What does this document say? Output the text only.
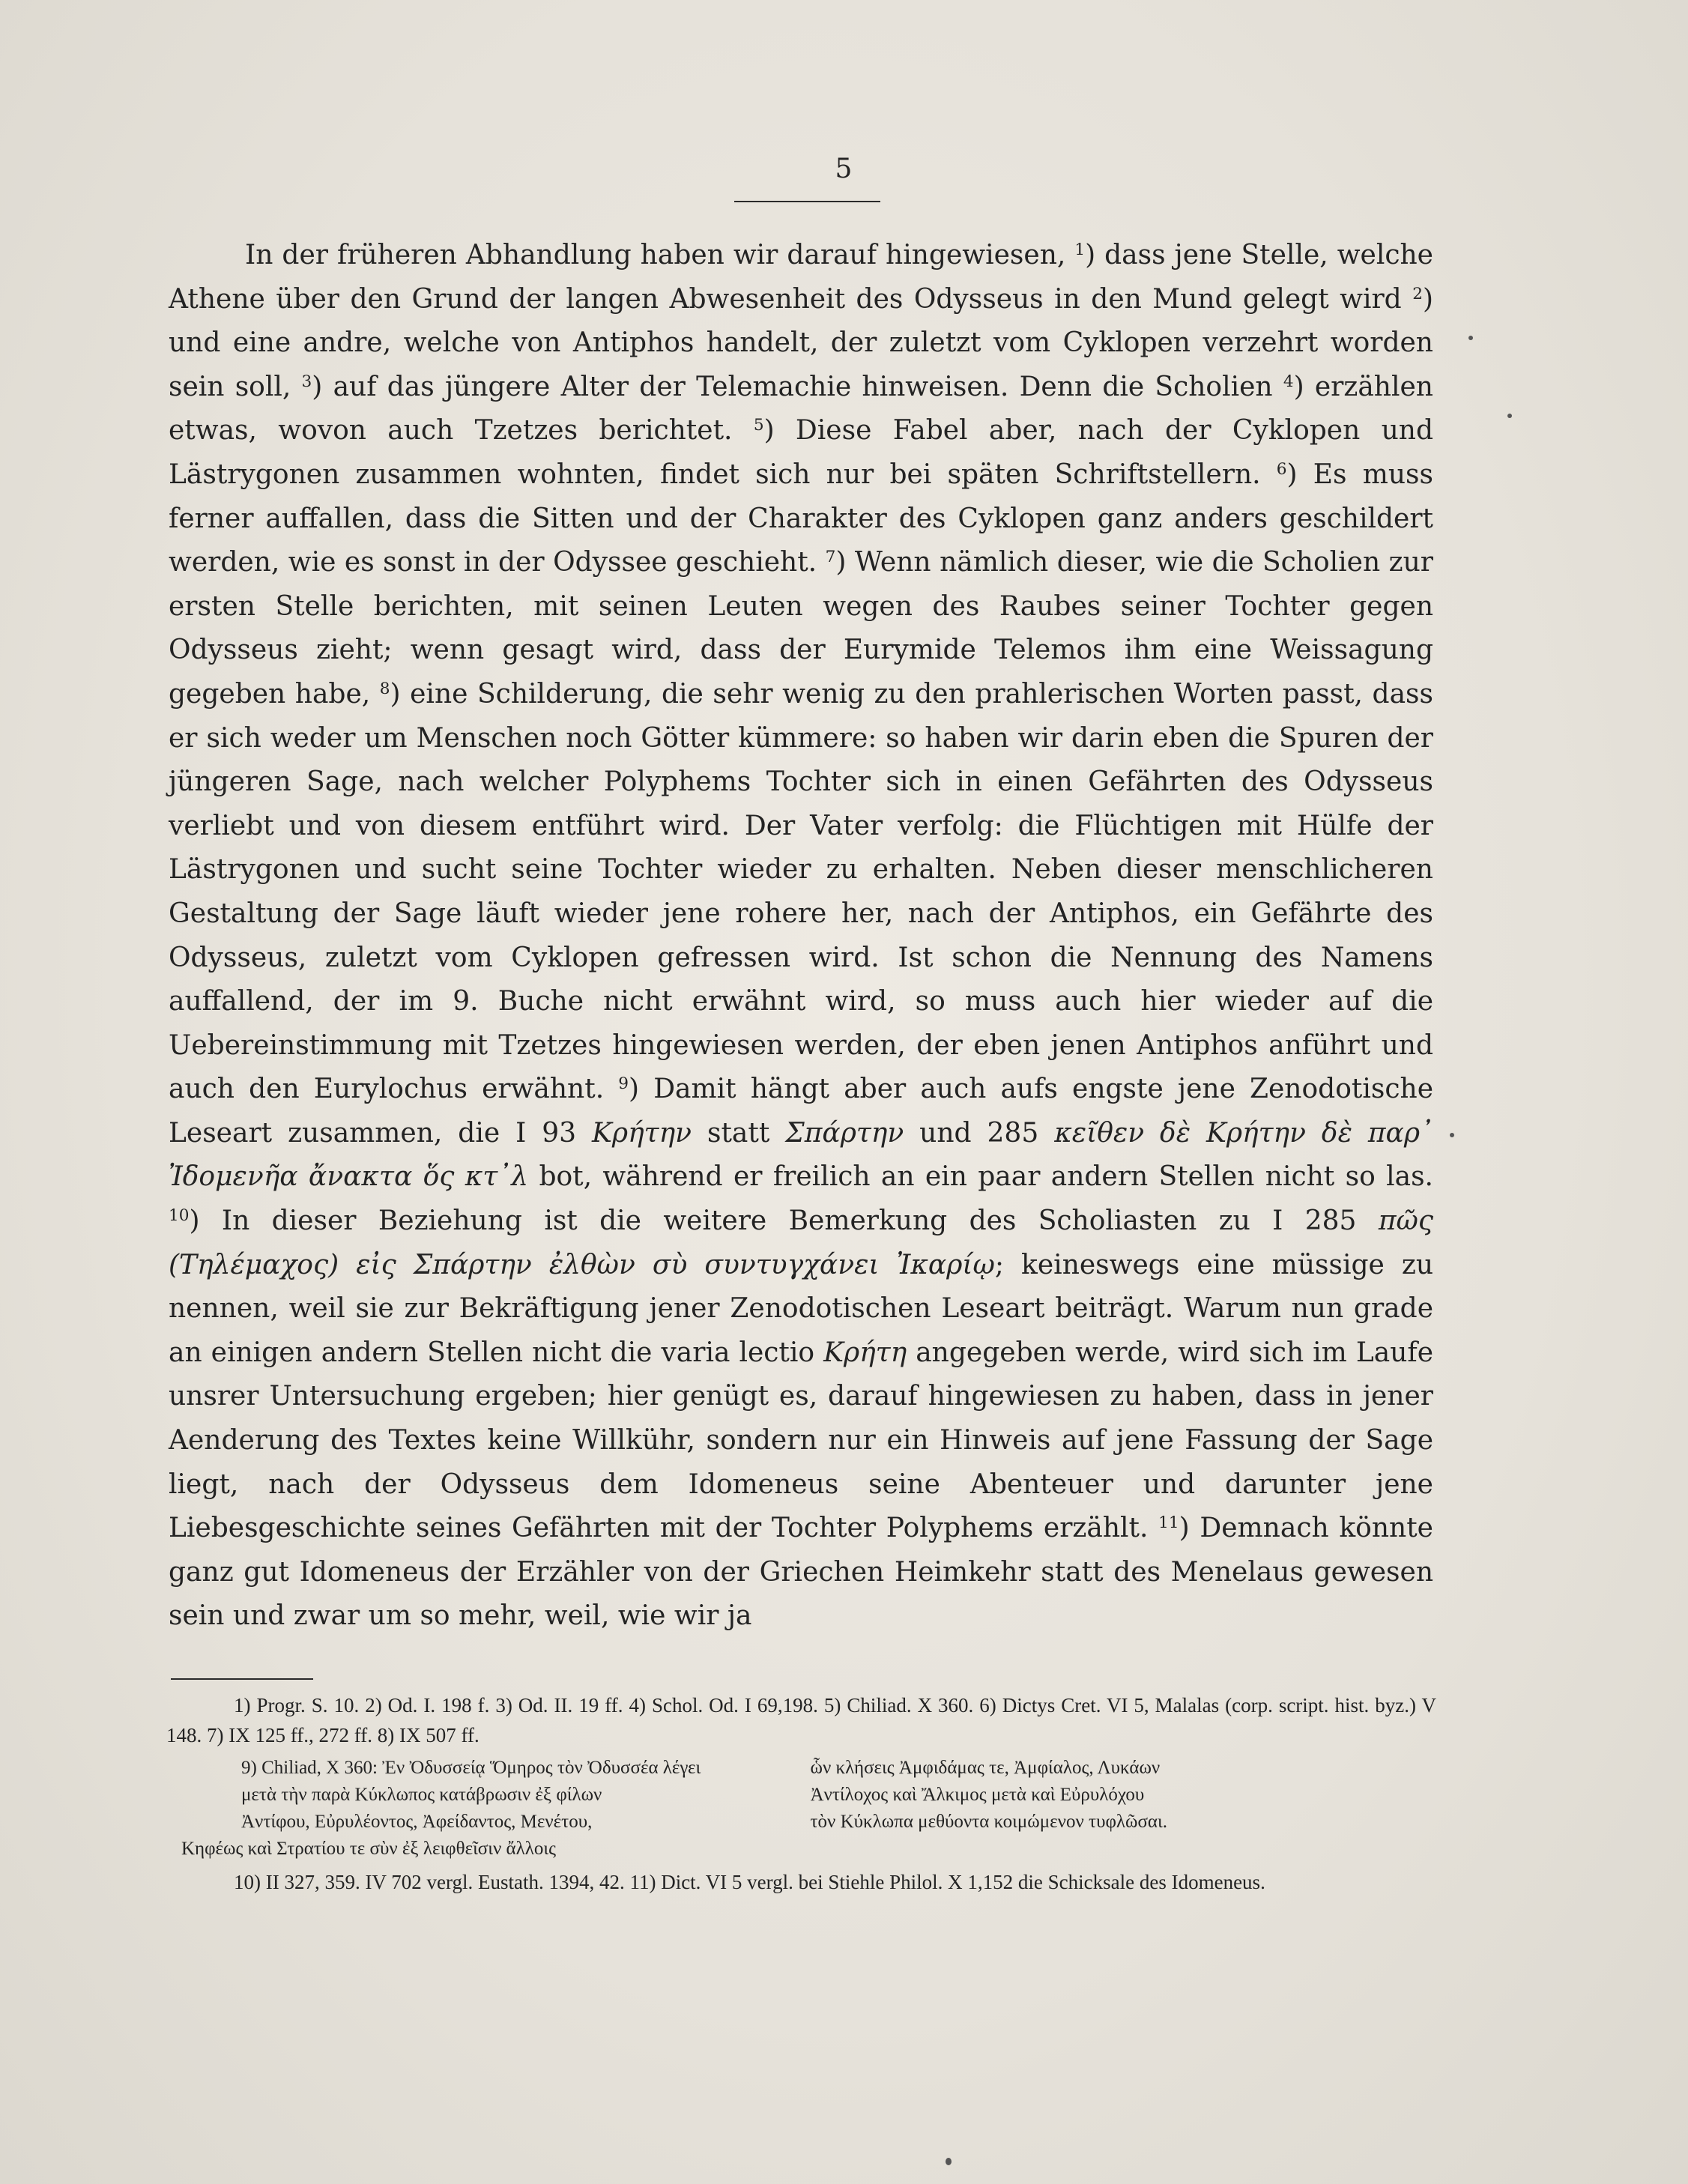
5
In der früheren Abhandlung haben wir darauf hingewiesen, $^1$) dass jene Stelle, welche Athene über den Grund der langen Abwesenheit des Odysseus in den Mund gelegt wird $^2$) und eine andre, welche von Antiphos handelt, der zuletzt vom Cyklopen verzehrt worden sein soll, $^3$) auf das jüngere Alter der Telemachie hinweisen. Denn die Scholien $^4$) erzählen etwas, wovon auch Tzetzes berichtet. $^5$) Diese Fabel aber, nach der Cyklopen und Lästrygonen zusammen wohnten, findet sich nur bei späten Schriftstellern. $^6$) Es muss ferner auffallen, dass die Sitten und der Charakter des Cyklopen ganz anders geschildert werden, wie es sonst in der Odyssee geschieht. $^7$) Wenn nämlich dieser, wie die Scholien zur ersten Stelle berichten, mit seinen Leuten wegen des Raubes seiner Tochter gegen Odysseus zieht; wenn gesagt wird, dass der Eurymide Telemos ihm eine Weissagung gegeben habe, $^8$) eine Schilderung, die sehr wenig zu den prahlerischen Worten passt, dass er sich weder um Menschen noch Götter kümmere: so haben wir darin eben die Spuren der jüngeren Sage, nach welcher Polyphems Tochter sich in einen Gefährten des Odysseus verliebt und von diesem entführt wird. Der Vater verfolg: die Flüchtigen mit Hülfe der Lästrygonen und sucht seine Tochter wieder zu erhalten. Neben dieser menschlicheren Gestaltung der Sage läuft wieder jene rohere her, nach der Antiphos, ein Gefährte des Odysseus, zuletzt vom Cyklopen gefressen wird. Ist schon die Nennung des Namens auffallend, der im 9. Buche nicht erwähnt wird, so muss auch hier wieder auf die Uebereinstimmung mit Tzetzes hingewiesen werden, der eben jenen Antiphos anführt und auch den Eurylochus erwähnt. $^9$) Damit hängt aber auch aufs engste jene Zenodotische Leseart zusammen, die I 93 Κρήτην statt Σπάρτην und 285 κεῖθεν δὲ Κρήτην δὲ παρ᾽ Ἰδομενῆα ἄνακτα ὅς κτ᾽λ bot, während er freilich an ein paar andern Stellen nicht so las. $^{10}$) In dieser Beziehung ist die weitere Bemerkung des Scholiasten zu I 285 πῶς (Τηλέμαχος) εἰς Σπάρτην ἐλθὼν σὺ συντυγχάνει Ἰκαρίῳ; keineswegs eine müssige zu nennen, weil sie zur Bekräftigung jener Zenodotischen Leseart beiträgt. Warum nun grade an einigen andern Stellen nicht die varia lectio Κρήτη angegeben werde, wird sich im Laufe unsrer Untersuchung ergeben; hier genügt es, darauf hingewiesen zu haben, dass in jener Aenderung des Textes keine Willkühr, sondern nur ein Hinweis auf jene Fassung der Sage liegt, nach der Odysseus dem Idomeneus seine Abenteuer und darunter jene Liebesgeschichte seines Gefährten mit der Tochter Polyphems erzählt. $^{11}$) Demnach könnte ganz gut Idomeneus der Erzähler von der Griechen Heimkehr statt des Menelaus gewesen sein und zwar um so mehr, weil, wie wir ja
1) Progr. S. 10. 2) Od. I. 198 f. 3) Od. II. 19 ff. 4) Schol. Od. I 69,198. 5) Chiliad. X 360. 6) Dictys Cret. VI 5, Malalas (corp. script. hist. byz.) V 148. 7) IX 125 ff., 272 ff. 8) IX 507 ff.
9) Chiliad, X 360: Ἐν Ὀδυσσείᾳ Ὅμηρος τὸν Ὀδυσσέα λέγει	ὧν κλήσεις Ἀμφιδάμας τε, Ἀμφίαλος, Λυκάων
μετὰ τὴν παρὰ Κύκλωπος κατάβρωσιν ἐξ φίλων	Ἀντίλοχος καὶ Ἄλκιμος μετὰ καὶ Εὐρυλόχου
Ἀντίφου, Εὐρυλέοντος, Ἀφείδαντος, Μενέτου,	τὸν Κύκλωπα μεθύοντα κοιμώμενον τυφλῶσαι.
Κηφέως καὶ Στρατίου τε σὺν ἐξ λειφθεῖσιν ἄλλοις
10) II 327, 359. IV 702 vergl. Eustath. 1394, 42. 11) Dict. VI 5 vergl. bei Stiehle Philol. X 1,152 die Schicksale des Idomeneus.
